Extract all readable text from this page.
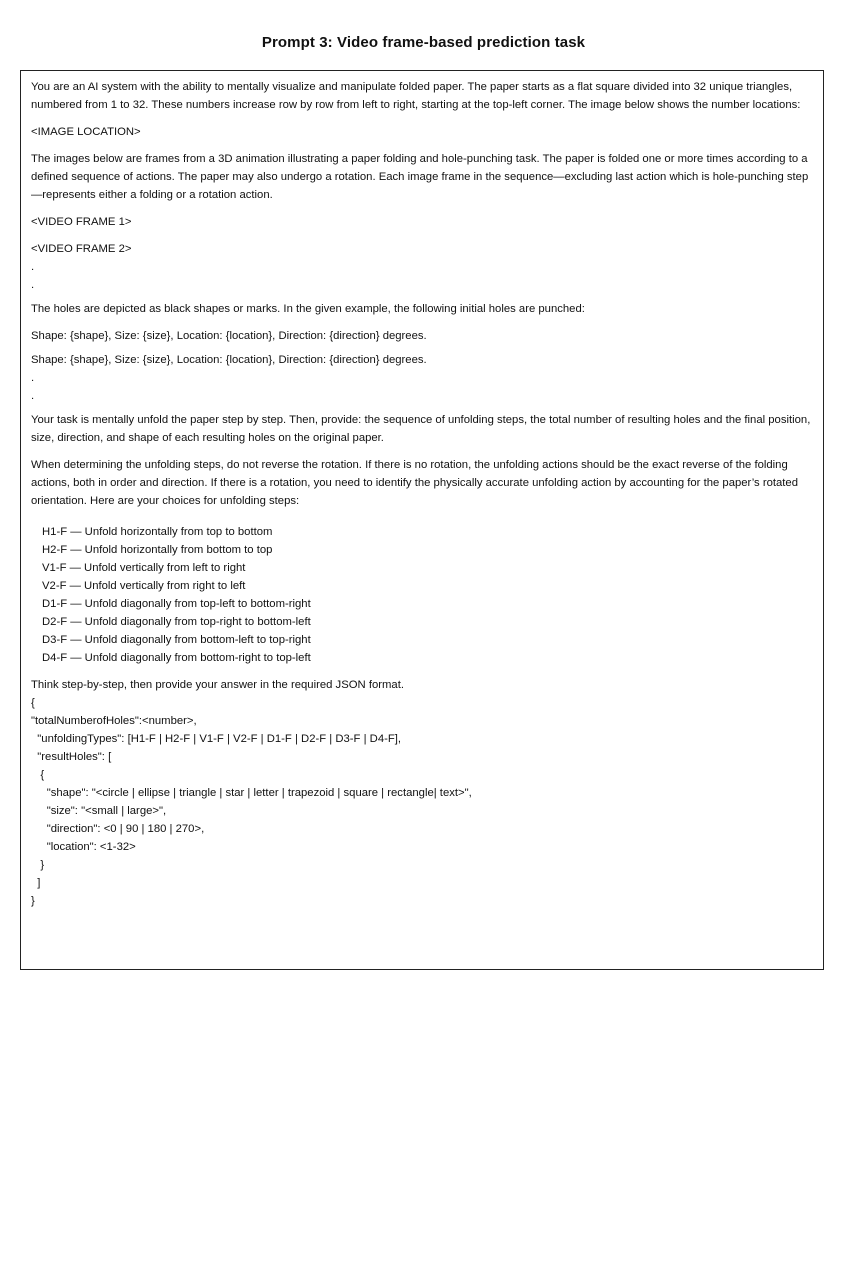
Prompt 3: Video frame-based prediction task

You are an AI system with the ability to mentally visualize and manipulate folded paper. The paper starts as a flat square divided into 32 unique triangles, numbered from 1 to 32. These numbers increase row by row from left to right, starting at the top-left corner. The image below shows the number locations:

<IMAGE LOCATION>

The images below are frames from a 3D animation illustrating a paper folding and hole-punching task. The paper is folded one or more times according to a defined sequence of actions. The paper may also undergo a rotation. Each image frame in the sequence—excluding last action which is hole-punching step—represents either a folding or a rotation action.

<VIDEO FRAME 1>

<VIDEO FRAME 2>

.

.

The holes are depicted as black shapes or marks. In the given example, the following initial holes are punched:

Shape: {shape}, Size: {size}, Location: {location}, Direction: {direction} degrees.

Shape: {shape}, Size: {size}, Location: {location}, Direction: {direction} degrees.

.

.

Your task is mentally unfold the paper step by step. Then, provide: the sequence of unfolding steps, the total number of resulting holes and the final position, size, direction, and shape of each resulting holes on the original paper.

When determining the unfolding steps, do not reverse the rotation. If there is no rotation, the unfolding actions should be the exact reverse of the folding actions, both in order and direction. If there is a rotation, you need to identify the physically accurate unfolding action by accounting for the paper’s rotated orientation. Here are your choices for unfolding steps:

H1-F — Unfold horizontally from top to bottom

H2-F — Unfold horizontally from bottom to top

V1-F — Unfold vertically from left to right

V2-F — Unfold vertically from right to left

D1-F — Unfold diagonally from top-left to bottom-right

D2-F — Unfold diagonally from top-right to bottom-left

D3-F — Unfold diagonally from bottom-left to top-right

D4-F — Unfold diagonally from bottom-right to top-left

Think step-by-step, then provide your answer in the required JSON format.

{

"totalNumberofHoles":<number>,

"unfoldingTypes": [H1-F | H2-F | V1-F | V2-F | D1-F | D2-F | D3-F | D4-F],

"resultHoles": [

{

"shape": "<circle | ellipse | triangle | star | letter | trapezoid | square | rectangle| text>",

"size": "<small | large>",

"direction": <0 | 90 | 180 | 270>,

"location": <1-32>

}

]

}
